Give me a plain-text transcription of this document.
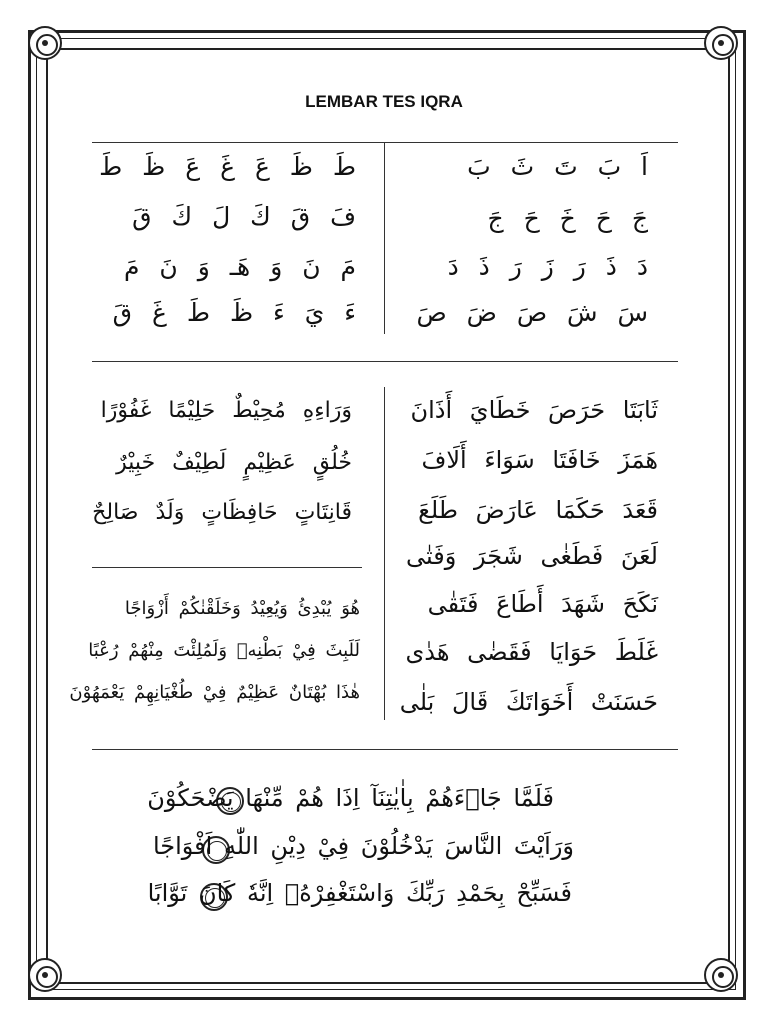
LEMBAR TES IQRA
اَ بَ تَ ثَ بَ
جَ حَ خَ حَ جَ
دَ ذَ رَ زَ رَ ذَ دَ
سَ شَ صَ ضَ صَ
طَ ظَ عَ غَ عَ ظَ طَ
فَ قَ كَ لَ كَ قَ
مَ نَ وَ هَـ وَ نَ مَ
ءَ يَ ءَ ظَ طَ غَ قَ
ثَابَتَا حَرَصَ خَطَايَ أَذَانَ
هَمَزَ خَافَتَا سَوَاءَ أَلَافَ
قَعَدَ حَكَمَا عَارَضَ طَلَعَ
لَعَنَ فَطَغٰى شَجَرَ وَفَتٰى
نَكَحَ شَهَدَ أَطَاعَ فَتَقٰى
غَلَطَ حَوَايَا فَقَضٰى هَدٰى
حَسَنَتْ أَخَوَاتَكَ قَالَ بَلٰى
وَرَاءِهِ مُحِيْطٌ حَلِيْمًا غَفُوْرًا
خُلُقٍ عَظِيْمٍ لَطِيْفٌ خَبِيْرٌ
قَانِتَاتٍ حَافِظَاتٍ وَلَدٌ صَالِحٌ
هُوَ يُبْدِئُ وَيُعِيْدُ وَخَلَقْنٰكُمْ أَزْوَاجًا
لَلَبِثَ فِيْ بَطْنِهٖ وَلَمُلِئْتَ مِنْهُمْ رُعْبًا
هٰذَا بُهْتَانٌ عَظِيْمٌ فِيْ طُغْيَانِهِمْ يَعْمَهُوْنَ
فَلَمَّا جَاۤءَهُمْ بِاٰيٰتِنَآ اِذَا هُمْ مِّنْهَا يَضْحَكُوْنَ
وَرَاَيْتَ النَّاسَ يَدْخُلُوْنَ فِيْ دِيْنِ اللّٰهِ اَفْوَاجًا
فَسَبِّحْ بِحَمْدِ رَبِّكَ وَاسْتَغْفِرْهُۗ اِنَّهٗ كَانَ تَوَّابًا
